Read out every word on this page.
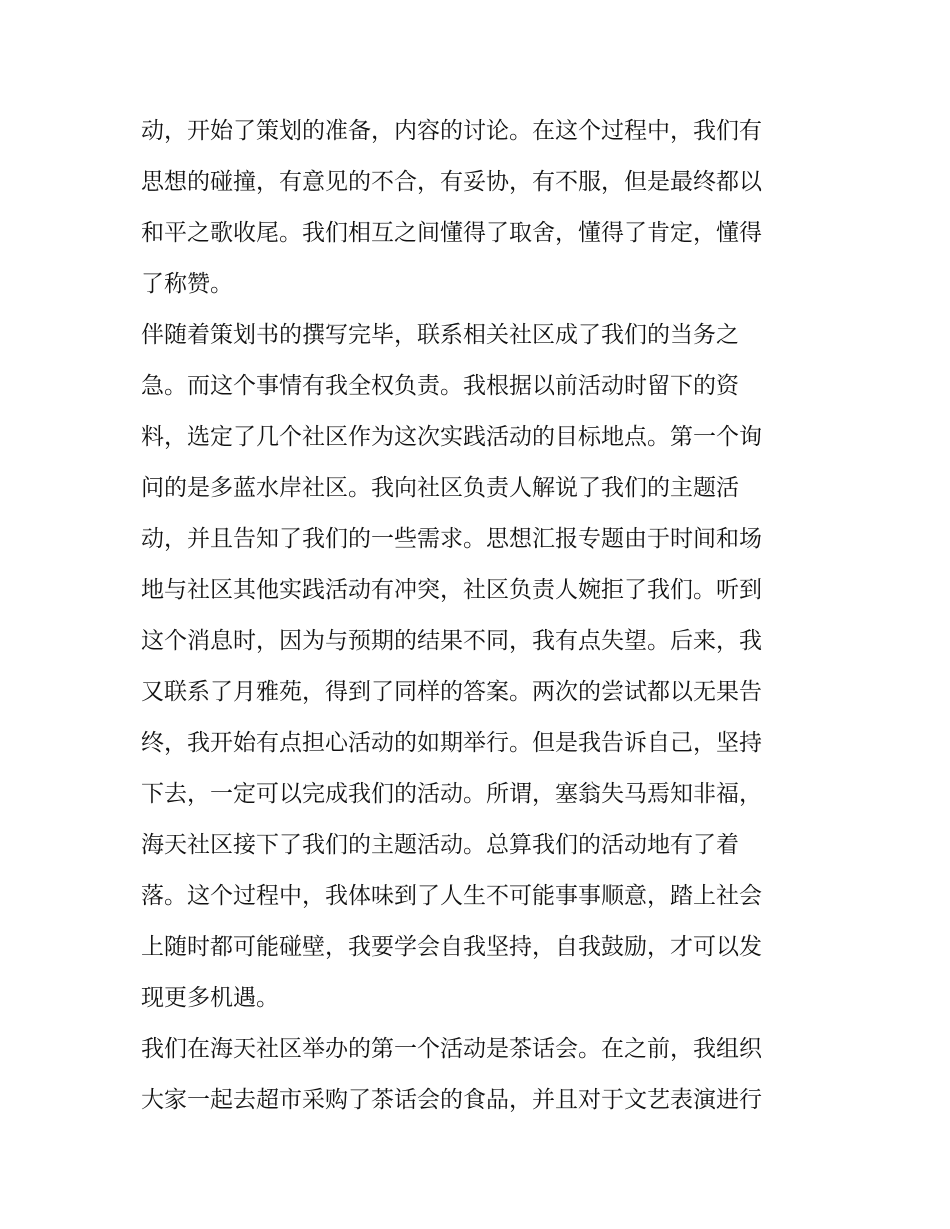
动，开始了策划的准备，内容的讨论。在这个过程中，我们有
思想的碰撞，有意见的不合，有妥协，有不服，但是最终都以
和平之歌收尾。我们相互之间懂得了取舍，懂得了肯定，懂得
了称赞。
伴随着策划书的撰写完毕，联系相关社区成了我们的当务之
急。而这个事情有我全权负责。我根据以前活动时留下的资
料，选定了几个社区作为这次实践活动的目标地点。第一个询
问的是多蓝水岸社区。我向社区负责人解说了我们的主题活
动，并且告知了我们的一些需求。思想汇报专题由于时间和场
地与社区其他实践活动有冲突，社区负责人婉拒了我们。听到
这个消息时，因为与预期的结果不同，我有点失望。后来，我
又联系了月雅苑，得到了同样的答案。两次的尝试都以无果告
终，我开始有点担心活动的如期举行。但是我告诉自己，坚持
下去，一定可以完成我们的活动。所谓，塞翁失马焉知非福，
海天社区接下了我们的主题活动。总算我们的活动地有了着
落。这个过程中，我体味到了人生不可能事事顺意，踏上社会
上随时都可能碰壁，我要学会自我坚持，自我鼓励，才可以发
现更多机遇。
我们在海天社区举办的第一个活动是茶话会。在之前，我组织
大家一起去超市采购了茶话会的食品，并且对于文艺表演进行
